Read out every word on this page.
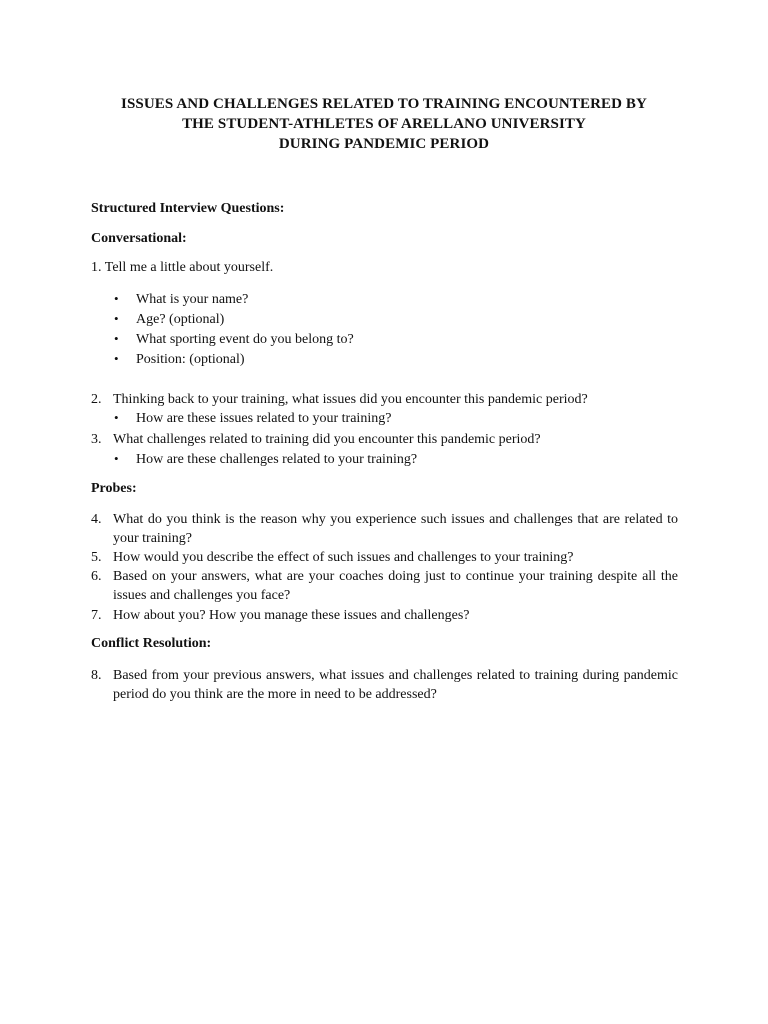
ISSUES AND CHALLENGES RELATED TO TRAINING ENCOUNTERED BY
THE STUDENT-ATHLETES OF ARELLANO UNIVERSITY
DURING PANDEMIC PERIOD
Structured Interview Questions:
Conversational:
1. Tell me a little about yourself.
• What is your name?
• Age? (optional)
• What sporting event do you belong to?
• Position: (optional)
2. Thinking back to your training, what issues did you encounter this pandemic period?
• How are these issues related to your training?
3. What challenges related to training did you encounter this pandemic period?
• How are these challenges related to your training?
Probes:
4. What do you think is the reason why you experience such issues and challenges that are related to your training?
5. How would you describe the effect of such issues and challenges to your training?
6. Based on your answers, what are your coaches doing just to continue your training despite all the issues and challenges you face?
7. How about you? How you manage these issues and challenges?
Conflict Resolution:
8. Based from your previous answers, what issues and challenges related to training during pandemic period do you think are the more in need to be addressed?
